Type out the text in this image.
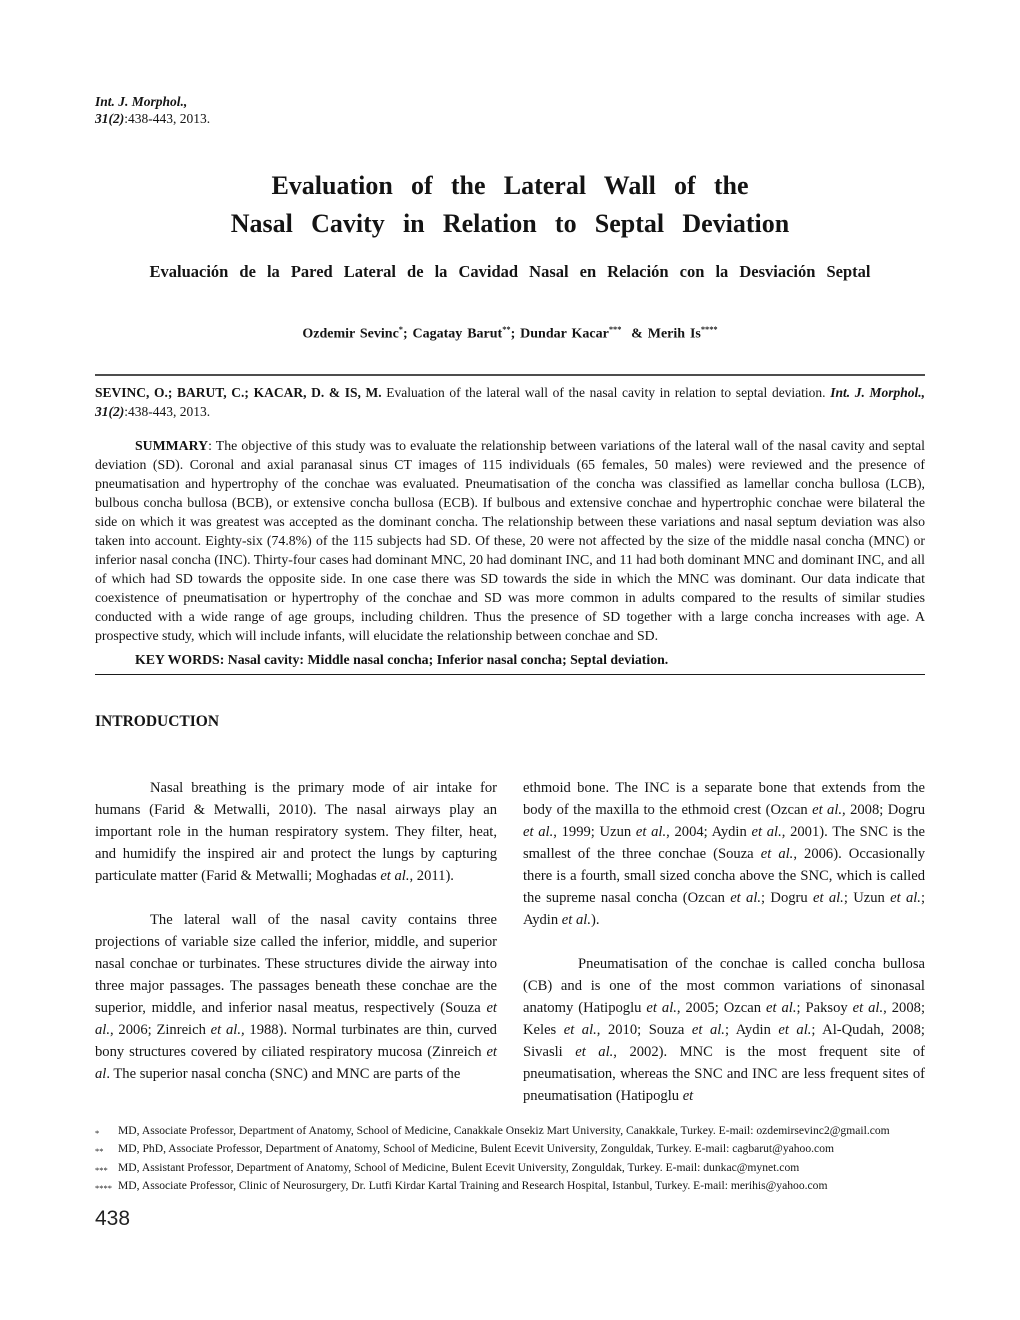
Int. J. Morphol.,
31(2):438-443, 2013.
Evaluation of the Lateral Wall of the
Nasal Cavity in Relation to Septal Deviation
Evaluación de la Pared Lateral de la Cavidad Nasal en Relación con la Desviación Septal
Ozdemir Sevinc*; Cagatay Barut**; Dundar Kacar***  & Merih Is****
SEVINC, O.; BARUT, C.; KACAR, D. & IS, M. Evaluation of the lateral wall of the nasal cavity in relation to septal deviation. Int. J. Morphol., 31(2):438-443, 2013.
SUMMARY: The objective of this study was to evaluate the relationship between variations of the lateral wall of the nasal cavity and septal deviation (SD). Coronal and axial paranasal sinus CT images of 115 individuals (65 females, 50 males) were reviewed and the presence of pneumatisation and hypertrophy of the conchae was evaluated. Pneumatisation of the concha was classified as lamellar concha bullosa (LCB), bulbous concha bullosa (BCB), or extensive concha bullosa (ECB). If bulbous and extensive conchae and hypertrophic conchae were bilateral the side on which it was greatest was accepted as the dominant concha. The relationship between these variations and nasal septum deviation was also taken into account. Eighty-six (74.8%) of the 115 subjects had SD. Of these, 20 were not affected by the size of the middle nasal concha (MNC) or inferior nasal concha (INC). Thirty-four cases had dominant MNC, 20 had dominant INC, and 11 had both dominant MNC and dominant INC, and all of which had SD towards the opposite side. In one case there was SD towards the side in which the MNC was dominant. Our data indicate that coexistence of pneumatisation or hypertrophy of the conchae and SD was more common in adults compared to the results of similar studies conducted with a wide range of age groups, including children. Thus the presence of SD together with a large concha increases with age. A prospective study, which will include infants, will elucidate the relationship between conchae and SD.
KEY WORDS: Nasal cavity: Middle nasal concha; Inferior nasal concha; Septal deviation.
INTRODUCTION

Nasal breathing is the primary mode of air intake for humans (Farid & Metwalli, 2010). The nasal airways play an important role in the human respiratory system. They filter, heat, and humidify the inspired air and protect the lungs by capturing particulate matter (Farid & Metwalli; Moghadas et al., 2011).

The lateral wall of the nasal cavity contains three projections of variable size called the inferior, middle, and superior nasal conchae or turbinates. These structures divide the airway into three major passages. The passages beneath these conchae are the superior, middle, and inferior nasal meatus, respectively (Souza et al., 2006; Zinreich et al., 1988). Normal turbinates are thin, curved bony structures covered by ciliated respiratory mucosa (Zinreich et al. The superior nasal concha (SNC) and MNC are parts of the

ethmoid bone. The INC is a separate bone that extends from the body of the maxilla to the ethmoid crest (Ozcan et al., 2008; Dogru et al., 1999; Uzun et al., 2004; Aydin et al., 2001). The SNC is the smallest of the three conchae (Souza et al., 2006). Occasionally there is a fourth, small sized concha above the SNC, which is called the supreme nasal concha (Ozcan et al.; Dogru et al.; Uzun et al.; Aydin et al.).

Pneumatisation of the conchae is called concha bullosa (CB) and is one of the most common variations of sinonasal anatomy (Hatipoglu et al., 2005; Ozcan et al.; Paksoy et al., 2008; Keles et al., 2010; Souza et al.; Aydin et al.; Al-Qudah, 2008; Sivasli et al., 2002). MNC is the most frequent site of pneumatisation, whereas the SNC and INC are less frequent sites of pneumatisation (Hatipoglu et

*	MD, Associate Professor, Department of Anatomy, School of Medicine, Canakkale Onsekiz Mart University, Canakkale, Turkey. E-mail: ozdemirsevinc2@gmail.com
**	MD, PhD, Associate Professor, Department of Anatomy, School of Medicine, Bulent Ecevit University, Zonguldak, Turkey. E-mail: cagbarut@yahoo.com
*** MD, Assistant Professor, Department of Anatomy, School of Medicine, Bulent Ecevit University, Zonguldak, Turkey. E-mail: dunkac@mynet.com
**** MD, Associate Professor, Clinic of Neurosurgery, Dr. Lutfi Kirdar Kartal Training and Research Hospital, Istanbul, Turkey. E-mail: merihis@yahoo.com
438
